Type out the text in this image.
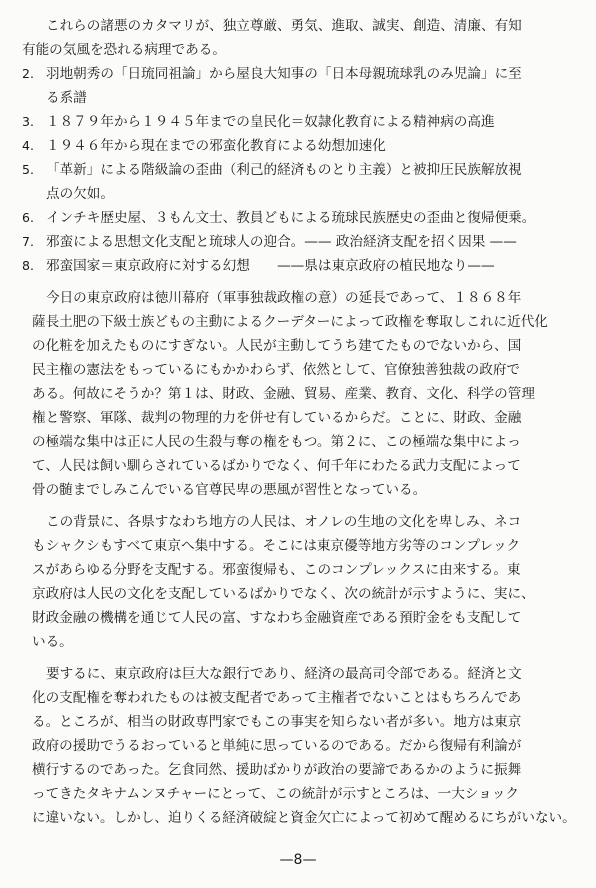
これらの諸悪のカタマリが、独立尊厳、勇気、進取、誠実、創造、清廉、有知
有能の気風を恐れる病理である。
2. 羽地朝秀の「日琉同祖論」から屋良大知事の「日本母親琉球乳のみ児論」に至
る系譜
3. １８７９年から１９４５年までの皇民化＝奴隷化教育による精神病の高進
4. １９４６年から現在までの邪蛮化教育による幼想加速化
5. 「革新」による階級論の歪曲（利己的経済ものとり主義）と被抑圧民族解放視
点の欠如。
6. インチキ歴史屋、３もん文士、教員どもによる琉球民族歴史の歪曲と復帰便乗。
7. 邪蛮による思想文化支配と琉球人の迎合。—— 政治経済支配を招く因果 ——
8. 邪蛮国家＝東京政府に対する幻想　　——県は東京政府の植民地なり——
今日の東京政府は徳川幕府（軍事独裁政権の意）の延長であって、１８６８年
薩長土肥の下級士族どもの主動によるクーデターによって政権を奪取しこれに近代化
の化粧を加えたものにすぎない。人民が主動してうち建てたものでないから、国
民主権の憲法をもっているにもかかわらず、依然として、官僚独善独裁の政府で
ある。何故にそうか？第１は、財政、金融、貿易、産業、教育、文化、科学の管理
権と警察、軍隊、裁判の物理的力を併せ有しているからだ。ことに、財政、金融
の極端な集中は正に人民の生殺与奪の権をもつ。第２に、この極端な集中によっ
て、人民は飼い馴らされているばかりでなく、何千年にわたる武力支配によって
骨の髄までしみこんでいる官尊民卑の悪風が習性となっている。
この背景に、各県すなわち地方の人民は、オノレの生地の文化を卑しみ、ネコ
もシャクシもすべて東京へ集中する。そこには東京優等地方劣等のコンプレック
スがあらゆる分野を支配する。邪蛮復帰も、このコンプレックスに由来する。東
京政府は人民の文化を支配しているばかりでなく、次の統計が示すように、実に、
財政金融の機構を通じて人民の富、すなわち金融資産である預貯金をも支配して
いる。
要するに、東京政府は巨大な銀行であり、経済の最高司令部である。経済と文
化の支配権を奪われたものは被支配者であって主権者でないことはもちろんであ
る。ところが、相当の財政専門家でもこの事実を知らない者が多い。地方は東京
政府の援助でうるおっていると単純に思っているのである。だから復帰有利論が
横行するのであった。乞食同然、援助ばかりが政治の要諦であるかのように振舞
ってきたタキナムンヌチャーにとって、この統計が示すところは、一大ショック
に違いない。しかし、迫りくる経済破綻と資金欠亡によって初めて醒めるにちがいない。
—8—
